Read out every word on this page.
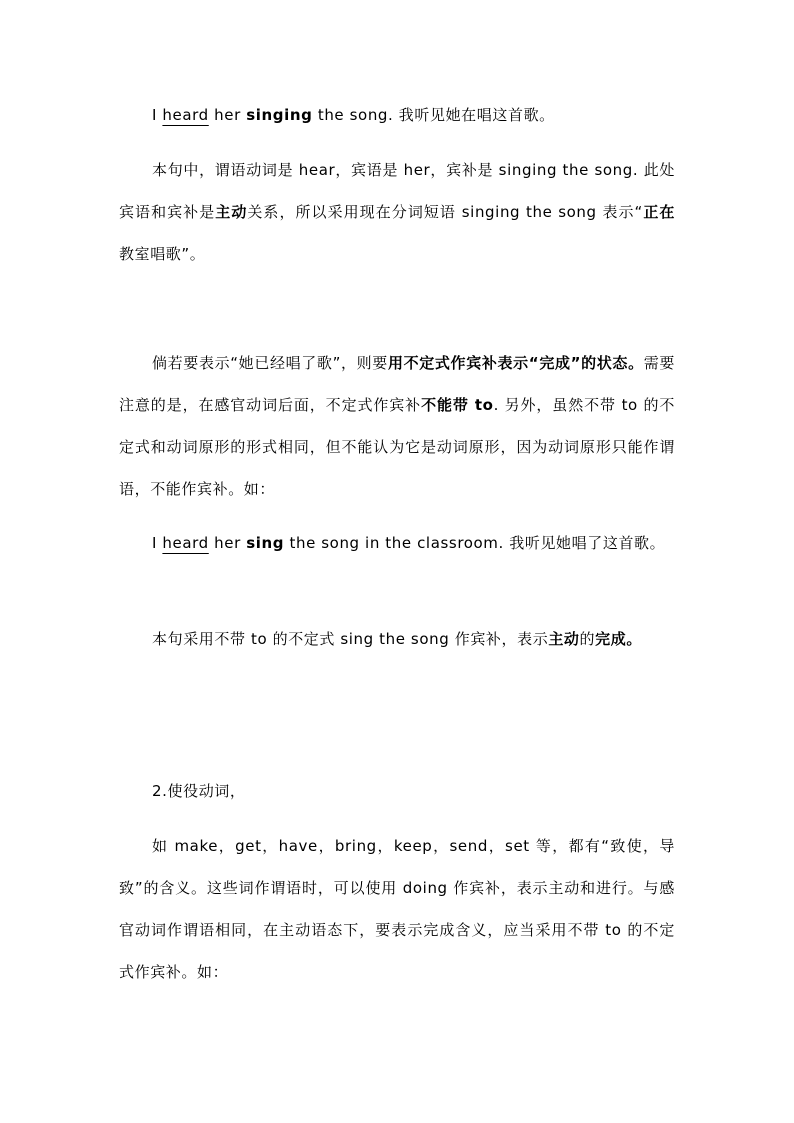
I heard her singing the song. 我听见她在唱这首歌。

本句中，谓语动词是 hear，宾语是 her，宾补是 singing the song. 此处宾语和宾补是主动关系，所以采用现在分词短语 singing the song 表示“正在教室唱歌”。

倘若要表示“她已经唱了歌”，则要用不定式作宾补表示“完成”的状态。需要注意的是，在感官动词后面，不定式作宾补不能带 to. 另外，虽然不带 to 的不定式和动词原形的形式相同，但不能认为它是动词原形，因为动词原形只能作谓语，不能作宾补。如：

I heard her sing the song in the classroom. 我听见她唱了这首歌。

本句采用不带 to 的不定式 sing the song 作宾补，表示主动的完成。

2.使役动词，

如 make，get，have，bring，keep，send，set 等，都有“致使，导致”的含义。这些词作谓语时，可以使用 doing 作宾补，表示主动和进行。与感官动词作谓语相同，在主动语态下，要表示完成含义，应当采用不带 to 的不定式作宾补。如：
